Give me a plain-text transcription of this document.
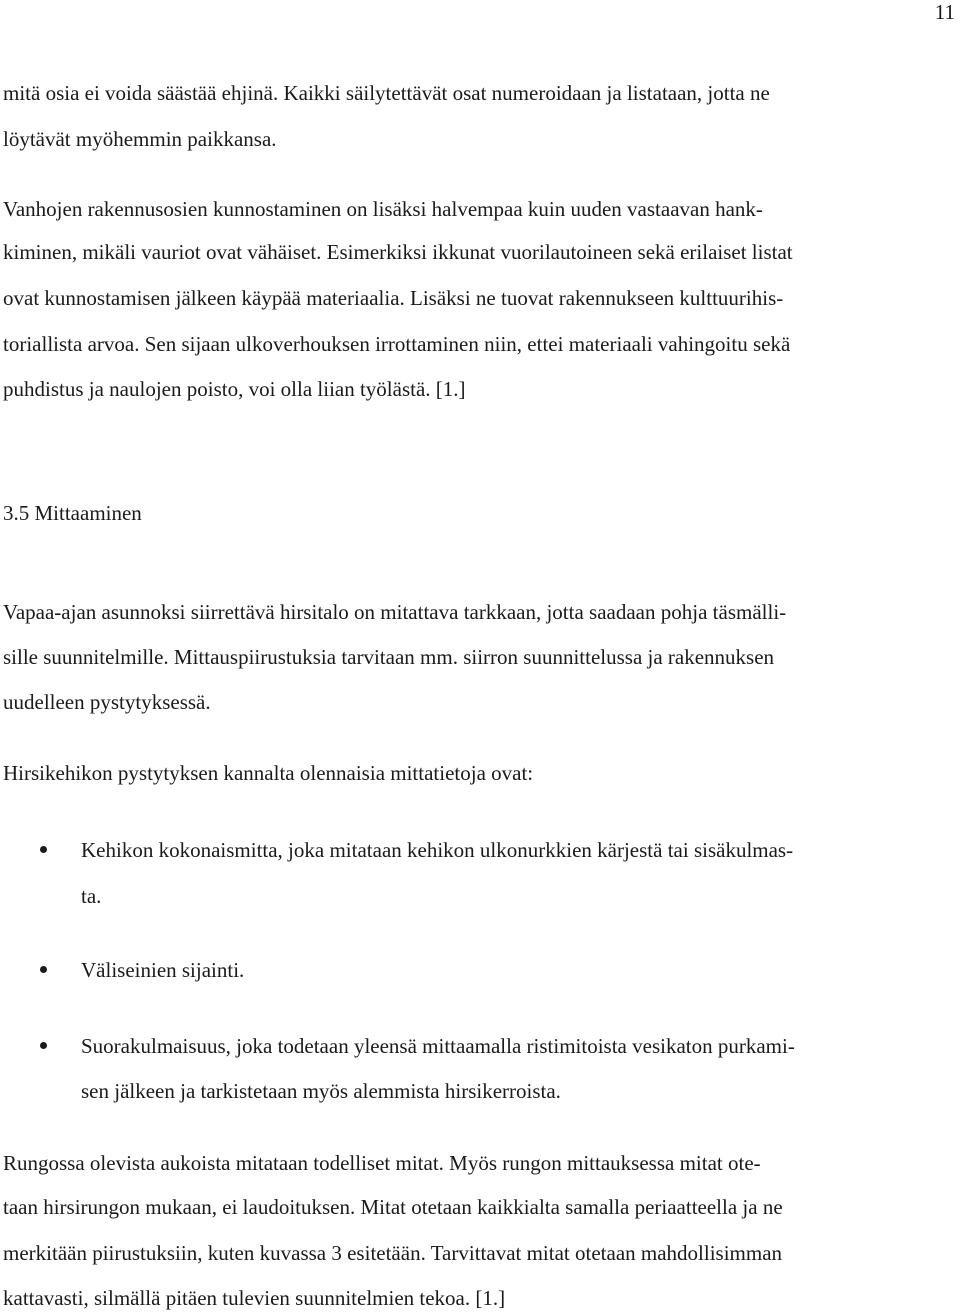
11
mitä osia ei voida säästää ehjinä. Kaikki säilytettävät osat numeroidaan ja listataan, jotta ne
löytävät myöhemmin paikkansa.
Vanhojen rakennusosien kunnostaminen on lisäksi halvempaa kuin uuden vastaavan hank-
kiminen, mikäli vauriot ovat vähäiset. Esimerkiksi ikkunat vuorilautoineen sekä erilaiset listat
ovat kunnostamisen jälkeen käypää materiaalia. Lisäksi ne tuovat rakennukseen kulttuurihis-
toriallista arvoa. Sen sijaan ulkoverhouksen irrottaminen niin, ettei materiaali vahingoitu sekä
puhdistus ja naulojen poisto, voi olla liian työlästä. [1.]
3.5 Mittaaminen
Vapaa-ajan asunnoksi siirrettävä hirsitalo on mitattava tarkkaan, jotta saadaan pohja täsmälli-
sille suunnitelmille. Mittauspiirustuksia tarvitaan mm. siirron suunnittelussa ja rakennuksen
uudelleen pystytyksessä.
Hirsikehikon pystytyksen kannalta olennaisia mittatietoja ovat:
Kehikon kokonaismitta, joka mitataan kehikon ulkonurkkien kärjestä tai sisäkulmas-
ta.
Väliseinien sijainti.
Suorakulmaisuus, joka todetaan yleensä mittaamalla ristimitoista vesikaton purkami-
sen jälkeen ja tarkistetaan myös alemmista hirsikerroista.
Rungossa olevista aukoista mitataan todelliset mitat. Myös rungon mittauksessa mitat ote-
taan hirsirungon mukaan, ei laudoituksen. Mitat otetaan kaikkialta samalla periaatteella ja ne
merkitään piirustuksiin, kuten kuvassa 3 esitetään. Tarvittavat mitat otetaan mahdollisimman
kattavasti, silmällä pitäen tulevien suunnitelmien tekoa. [1.]
